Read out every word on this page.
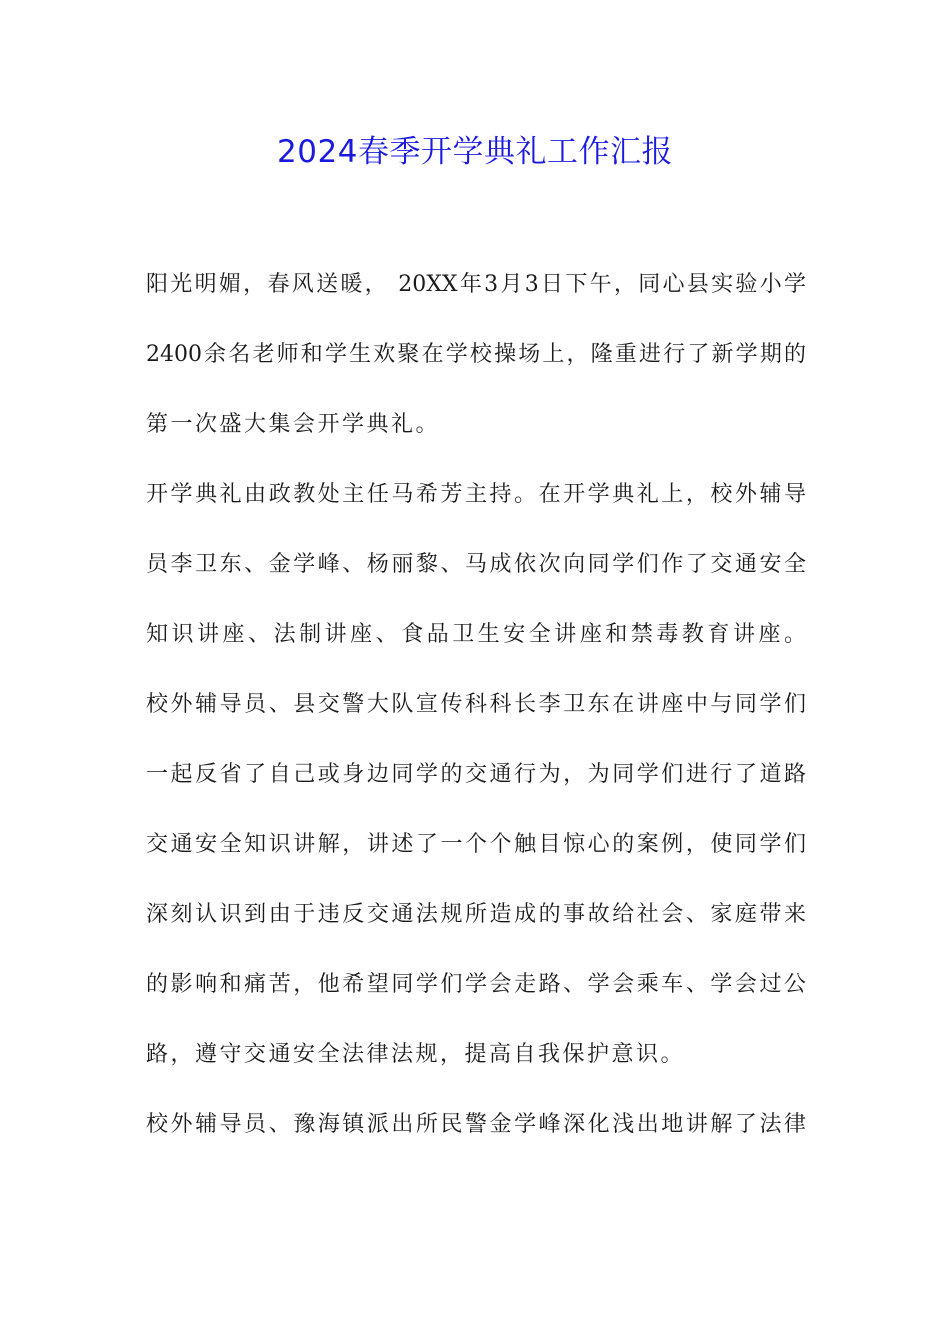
2024春季开学典礼工作汇报
阳光明媚，春风送暖， 20XX年3月3日下午，同心县实验小学
2400余名老师和学生欢聚在学校操场上，隆重进行了新学期的
第一次盛大集会开学典礼。
开学典礼由政教处主任马希芳主持。在开学典礼上，校外辅导
员李卫东、金学峰、杨丽黎、马成依次向同学们作了交通安全
知识讲座、法制讲座、食品卫生安全讲座和禁毒教育讲座。
校外辅导员、县交警大队宣传科科长李卫东在讲座中与同学们
一起反省了自己或身边同学的交通行为，为同学们进行了道路
交通安全知识讲解，讲述了一个个触目惊心的案例，使同学们
深刻认识到由于违反交通法规所造成的事故给社会、家庭带来
的影响和痛苦，他希望同学们学会走路、学会乘车、学会过公
路，遵守交通安全法律法规，提高自我保护意识。
校外辅导员、豫海镇派出所民警金学峰深化浅出地讲解了法律
